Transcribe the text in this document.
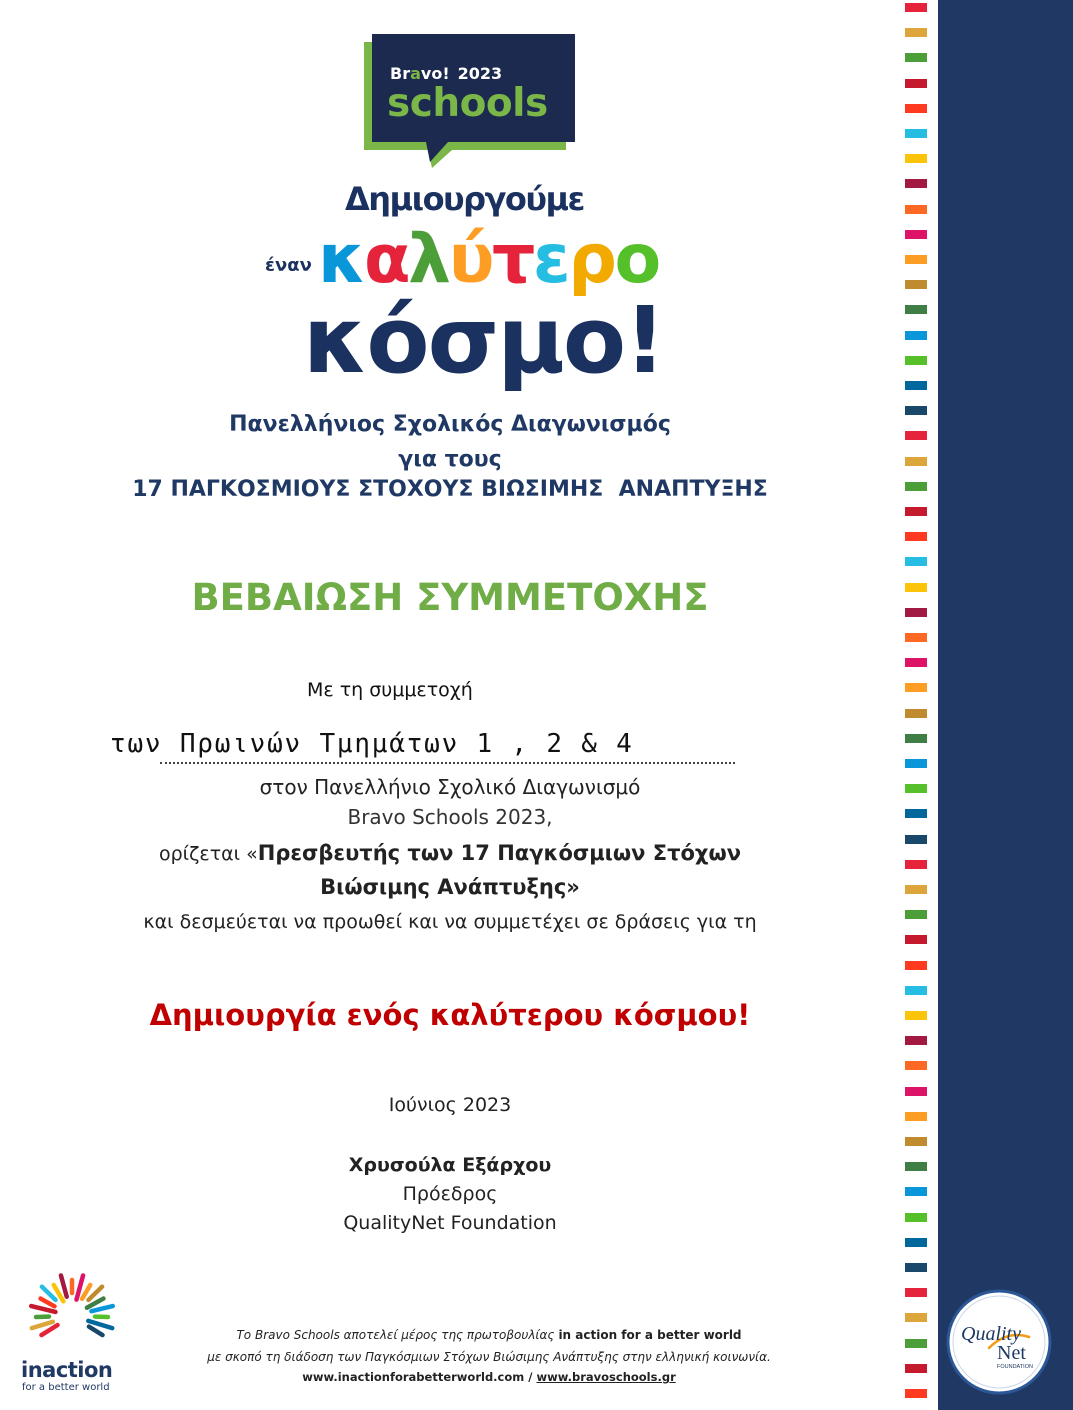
Bravo! 2023
schools
Δημιουργούμε
έναν καλύτερο
κόσμο!
Πανελλήνιος Σχολικός Διαγωνισμός
για τους
17 ΠΑΓΚΟΣΜΙΟΥΣ ΣΤΟΧΟΥΣ ΒΙΩΣΙΜΗΣ  ΑΝΑΠΤΥΞΗΣ
ΒΕΒΑΙΩΣΗ ΣΥΜΜΕΤΟΧΗΣ
Με τη συμμετοχή
των Πρωινών Τμημάτων 1 , 2 & 4
στον Πανελλήνιο Σχολικό Διαγωνισμό
Bravo Schools 2023,
ορίζεται «Πρεσβευτής των 17 Παγκόσμιων Στόχων
Βιώσιμης Ανάπτυξης»
και δεσμεύεται να προωθεί και να συμμετέχει σε δράσεις για τη
Δημιουργία ενός καλύτερου κόσμου!
Ιούνιος 2023
Χρυσούλα Εξάρχου
Πρόεδρος
QualityNet Foundation
inaction
for a better world
Το Bravo Schools αποτελεί μέρος της πρωτοβουλίας in action for a better world
με σκοπό τη διάδοση των Παγκόσμιων Στόχων Βιώσιμης Ανάπτυξης στην ελληνική κοινωνία.
www.inactionforabetterworld.com / www.bravoschools.gr
Quality
Net
FOUNDATION
